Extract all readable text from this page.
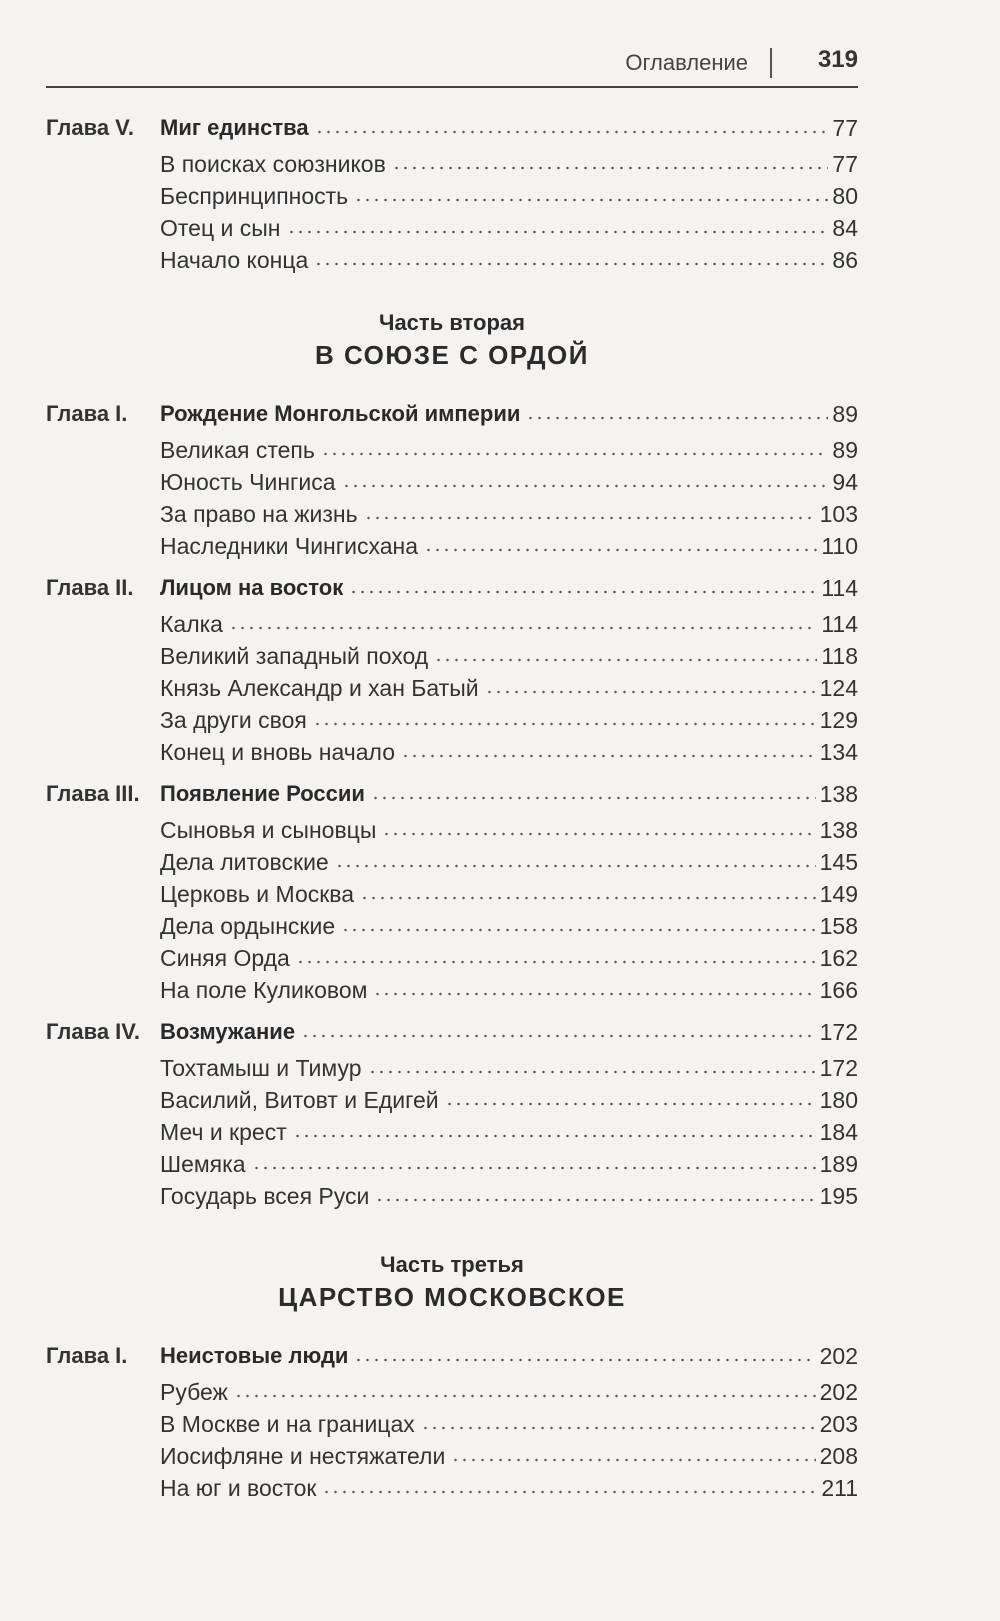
Оглавление	319
Глава V. Миг единства	77
В поисках союзников	77
Беспринципность	80
Отец и сын	84
Начало конца	86
Часть вторая
В СОЮЗЕ С ОРДОЙ
Глава I. Рождение Монгольской империи	89
Великая степь	89
Юность Чингиса	94
За право на жизнь	103
Наследники Чингисхана	110
Глава II. Лицом на восток	114
Калка	114
Великий западный поход	118
Князь Александр и хан Батый	124
За други своя	129
Конец и вновь начало	134
Глава III. Появление России	138
Сыновья и сыновцы	138
Дела литовские	145
Церковь и Москва	149
Дела ордынские	158
Синяя Орда	162
На поле Куликовом	166
Глава IV. Возмужание	172
Тохтамыш и Тимур	172
Василий, Витовт и Едигей	180
Меч и крест	184
Шемяка	189
Государь всея Руси	195
Часть третья
ЦАРСТВО МОСКОВСКОЕ
Глава I. Неистовые люди	202
Рубеж	202
В Москве и на границах	203
Иосифляне и нестяжатели	208
На юг и восток	211
